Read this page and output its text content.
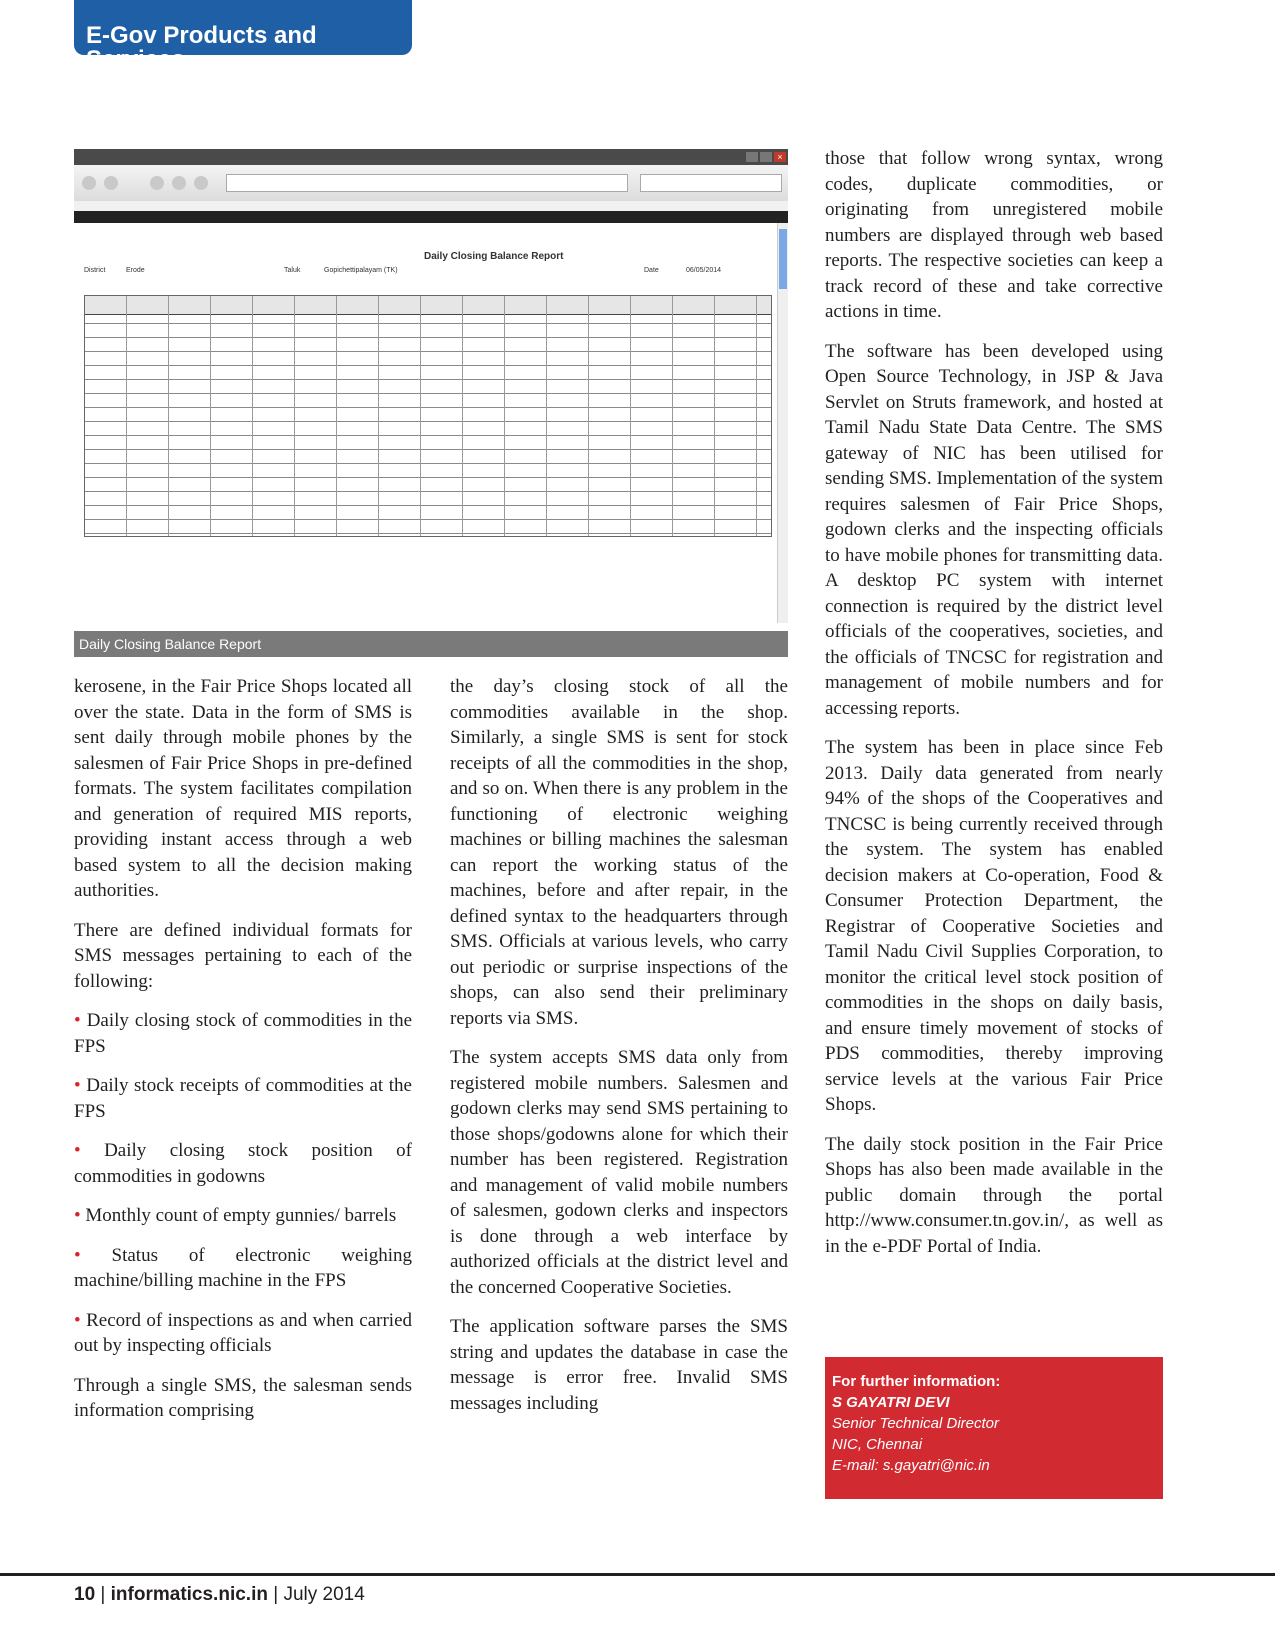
E-Gov Products and Services
×
Daily Closing Balance Report
District	Erode	Taluk	Gopichettipalayam (TK)	Date	06/05/2014
Daily Closing Balance Report

kerosene, in the Fair Price Shops located all over the state. Data in the form of SMS is sent daily through mobile phones by the salesmen of Fair Price Shops in pre-defined formats. The system facilitates compilation and generation of required MIS reports, providing instant access through a web based system to all the decision making authorities.

There are defined individual formats for SMS messages pertaining to each of the following:

• Daily closing stock of commodities in the FPS

• Daily stock receipts of commodities at the FPS

• Daily closing stock position of commodities in godowns

• Monthly count of empty gunnies/ barrels

• Status of electronic weighing machine/billing machine in the FPS

• Record of inspections as and when carried out by inspecting officials

Through a single SMS, the salesman sends information comprising

the day’s closing stock of all the commodities available in the shop. Similarly, a single SMS is sent for stock receipts of all the commodities in the shop, and so on. When there is any problem in the functioning of electronic weighing machines or billing machines the salesman can report the working status of the machines, before and after repair, in the defined syntax to the headquarters through SMS. Officials at various levels, who carry out periodic or surprise inspections of the shops, can also send their preliminary reports via SMS.

The system accepts SMS data only from registered mobile numbers. Salesmen and godown clerks may send SMS pertaining to those shops/godowns alone for which their number has been registered. Registration and management of valid mobile numbers of salesmen, godown clerks and inspectors is done through a web interface by authorized officials at the district level and the concerned Cooperative Societies.

The application software parses the SMS string and updates the database in case the message is error free. Invalid SMS messages including

those that follow wrong syntax, wrong codes, duplicate commodities, or originating from unregistered mobile numbers are displayed through web based reports. The respective societies can keep a track record of these and take corrective actions in time.

The software has been developed using Open Source Technology, in JSP & Java Servlet on Struts framework, and hosted at Tamil Nadu State Data Centre. The SMS gateway of NIC has been utilised for sending SMS. Implementation of the system requires salesmen of Fair Price Shops, godown clerks and the inspecting officials to have mobile phones for transmitting data. A desktop PC system with internet connection is required by the district level officials of the cooperatives, societies, and the officials of TNCSC for registration and management of mobile numbers and for accessing reports.

The system has been in place since Feb 2013. Daily data generated from nearly 94% of the shops of the Cooperatives and TNCSC is being currently received through the system. The system has enabled decision makers at Co-operation, Food & Consumer Protection Department, the Registrar of Cooperative Societies and Tamil Nadu Civil Supplies Corporation, to monitor the critical level stock position of commodities in the shops on daily basis, and ensure timely movement of stocks of PDS commodities, thereby improving service levels at the various Fair Price Shops.

The daily stock position in the Fair Price Shops has also been made available in the public domain through the portal http://www.consumer.tn.gov.in/, as well as in the e-PDF Portal of India.

For further information:
S GAYATRI DEVI
Senior Technical Director
NIC, Chennai
E-mail: s.gayatri@nic.in
10 | informatics.nic.in | July 2014
